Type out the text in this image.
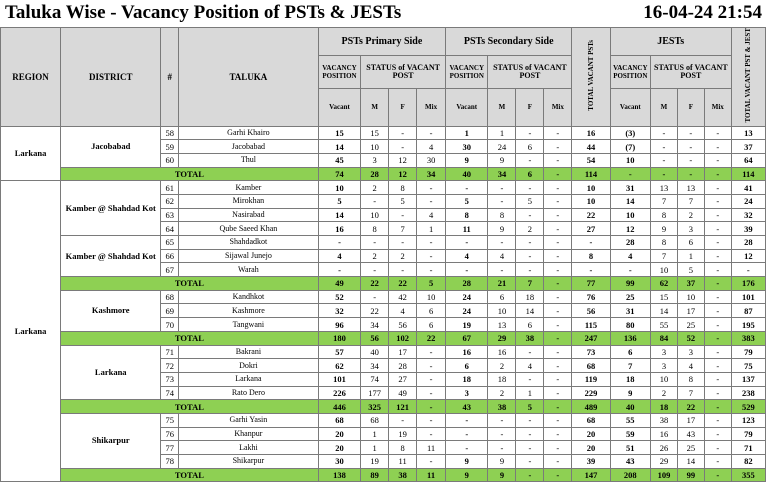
Taluka Wise - Vacancy Position of PSTs & JESTs	16-04-24 21:54
REGION	DISTRICT	#	TALUKA	PSTs Primary Side				PSTs Secondary Side				TOTAL VACANT PSTs	JESTs				TOTAL VACANT PST & JEST
				VACANCY POSITION	STATUS of VACANT POST			VACANCY POSITION	STATUS of VACANT POST				VACANCY POSITION	STATUS of VACANT POST			
				Vacant	M	F	Mix	Vacant	M	F	Mix		Vacant	M	F	Mix	
Larkana	Jacobabad	58	Garhi Khairo	15	15	-	-	1	1	-	-	16	(3)	-	-	-	13
		59	Jacobabad	14	10	-	4	30	24	6	-	44	(7)	-	-	-	37
		60	Thul	45	3	12	30	9	9	-	-	54	10	-	-	-	64
	TOTAL			74	28	12	34	40	34	6	-	114	-	-	-	-	114
Larkana	Kamber @ Shahdad Kot	61	Kamber	10	2	8	-	-	-	-	-	10	31	13	13	-	41
		62	Mirokhan	5	-	5	-	5	-	5	-	10	14	7	7	-	24
		63	Nasirabad	14	10	-	4	8	8	-	-	22	10	8	2	-	32
		64	Qube Saeed Khan	16	8	7	1	11	9	2	-	27	12	9	3	-	39
	Kamber @ Shahdad Kot	65	Shahdadkot	-	-	-	-	-	-	-	-	-	28	8	6	-	28
		66	Sijawal Junejo	4	2	2	-	4	4	-	-	8	4	7	1	-	12
		67	Warah	-	-	-	-	-	-	-	-	-	-	10	5	-	-
	TOTAL			49	22	22	5	28	21	7	-	77	99	62	37	-	176
	Kashmore	68	Kandhkot	52	-	42	10	24	6	18	-	76	25	15	10	-	101
		69	Kashmore	32	22	4	6	24	10	14	-	56	31	14	17	-	87
		70	Tangwani	96	34	56	6	19	13	6	-	115	80	55	25	-	195
	TOTAL			180	56	102	22	67	29	38	-	247	136	84	52	-	383
	Larkana	71	Bakrani	57	40	17	-	16	16	-	-	73	6	3	3	-	79
		72	Dokri	62	34	28	-	6	2	4	-	68	7	3	4	-	75
		73	Larkana	101	74	27	-	18	18	-	-	119	18	10	8	-	137
		74	Rato Dero	226	177	49	-	3	2	1	-	229	9	2	7	-	238
	TOTAL			446	325	121	-	43	38	5	-	489	40	18	22	-	529
	Shikarpur	75	Garhi Yasin	68	68	-	-	-	-	-	-	68	55	38	17	-	123
		76	Khanpur	20	1	19	-	-	-	-	-	20	59	16	43	-	79
		77	Lakhi	20	1	8	11	-	-	-	-	20	51	26	25	-	71
		78	Shikarpur	30	19	11	-	9	9	-	-	39	43	29	14	-	82
	TOTAL			138	89	38	11	9	9	-	-	147	208	109	99	-	355
